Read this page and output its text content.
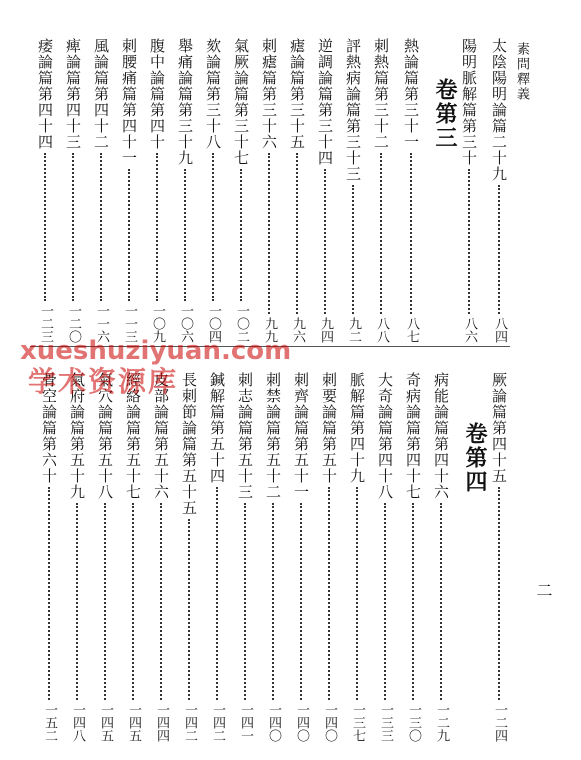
素問釋義
二
卷第三
卷第四
太陰陽明論篇二十九
八四
陽明脈解篇第三十
八六
熱論篇第三十一
八七
刺熱篇第三十二
八八
評熱病論篇第三十三
九二
逆調論篇第三十四
九四
瘧論篇第三十五
九六
刺瘧篇第三十六
九九
氣厥論篇第三十七
一〇二
欬論篇第三十八
一〇四
舉痛論篇第三十九
一〇六
腹中論篇第四十
一〇九
刺腰痛篇第四十一
一一三
風論篇第四十二
一一六
痺論篇第四十三
一二〇
痿論篇第四十四
一二三
厥論篇第四十五
一二四
病能論篇第四十六
一二九
奇病論篇第四十七
一三〇
大奇論篇第四十八
一三三
脈解篇第四十九
一三七
刺要論篇第五十
一四〇
刺齊論篇第五十一
一四〇
刺禁論篇第五十二
一四〇
刺志論篇第五十三
一四一
鍼解篇第五十四
一四二
長刺節論篇第五十五
一四二
皮部論篇第五十六
一四四
經絡論篇第五十七
一四五
氣穴論篇第五十八
一四五
氣府論篇第五十九
一四八
骨空論篇第六十
一五二
xueshuziyuan.com
学术资源库
